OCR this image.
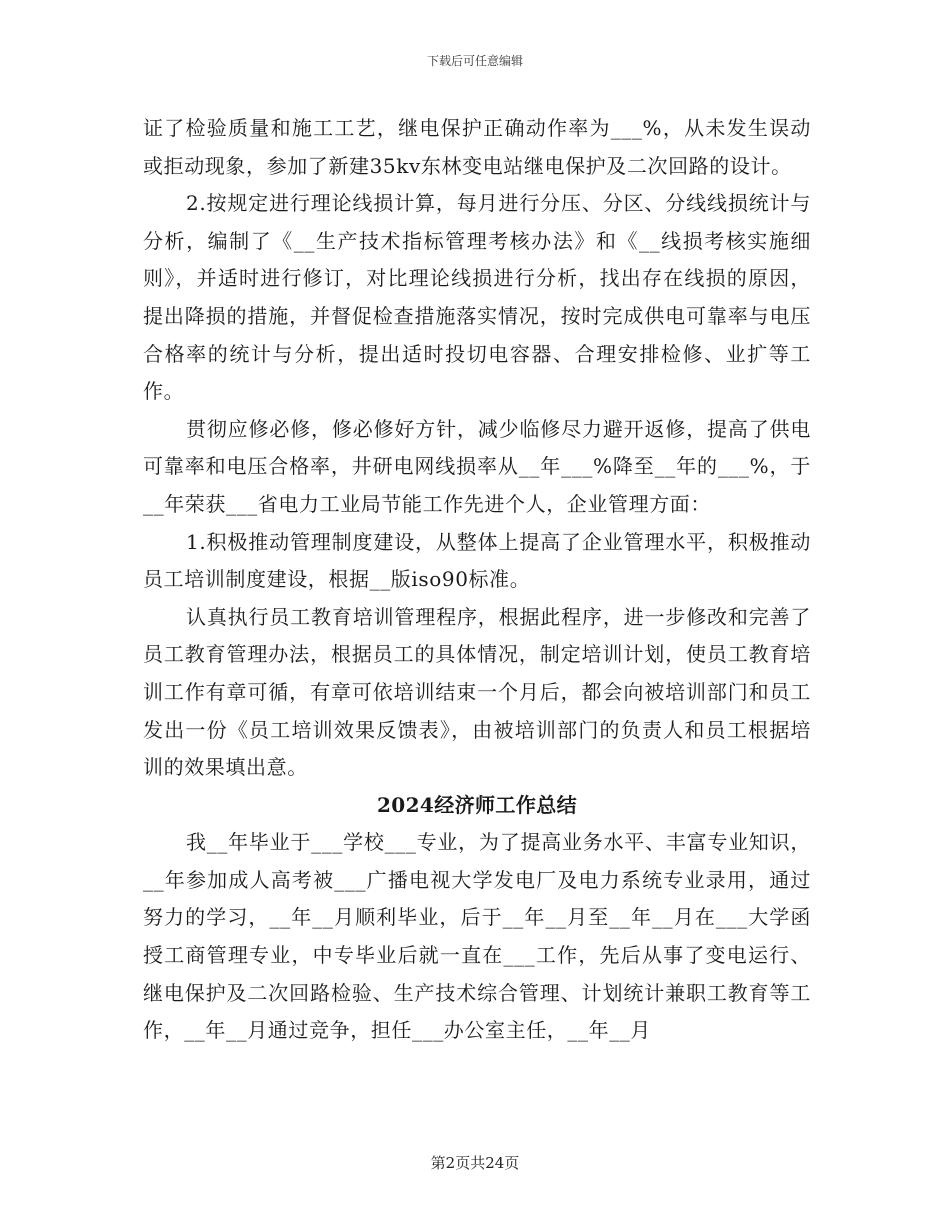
下载后可任意编辑

证了检验质量和施工工艺，继电保护正确动作率为___%，从未发生误动或拒动现象，参加了新建35kv东林变电站继电保护及二次回路的设计。

2.按规定进行理论线损计算，每月进行分压、分区、分线线损统计与分析，编制了《__生产技术指标管理考核办法》和《__线损考核实施细则》，并适时进行修订，对比理论线损进行分析，找出存在线损的原因，提出降损的措施，并督促检查措施落实情况，按时完成供电可靠率与电压合格率的统计与分析，提出适时投切电容器、合理安排检修、业扩等工作。

贯彻应修必修，修必修好方针，减少临修尽力避开返修，提高了供电可靠率和电压合格率，井研电网线损率从__年___%降至__年的___%，于__年荣获___省电力工业局节能工作先进个人，企业管理方面：

1.积极推动管理制度建设，从整体上提高了企业管理水平，积极推动员工培训制度建设，根据__版iso90标准。

认真执行员工教育培训管理程序，根据此程序，进一步修改和完善了员工教育管理办法，根据员工的具体情况，制定培训计划，使员工教育培训工作有章可循，有章可依培训结束一个月后，都会向被培训部门和员工发出一份《员工培训效果反馈表》，由被培训部门的负责人和员工根据培训的效果填出意。

2024经济师工作总结

我__年毕业于___学校___专业，为了提高业务水平、丰富专业知识，__年参加成人高考被___广播电视大学发电厂及电力系统专业录用，通过努力的学习，__年__月顺利毕业，后于__年__月至__年__月在___大学函授工商管理专业，中专毕业后就一直在___工作，先后从事了变电运行、继电保护及二次回路检验、生产技术综合管理、计划统计兼职工教育等工作，__年__月通过竞争，担任___办公室主任，__年__月

第2页共24页
